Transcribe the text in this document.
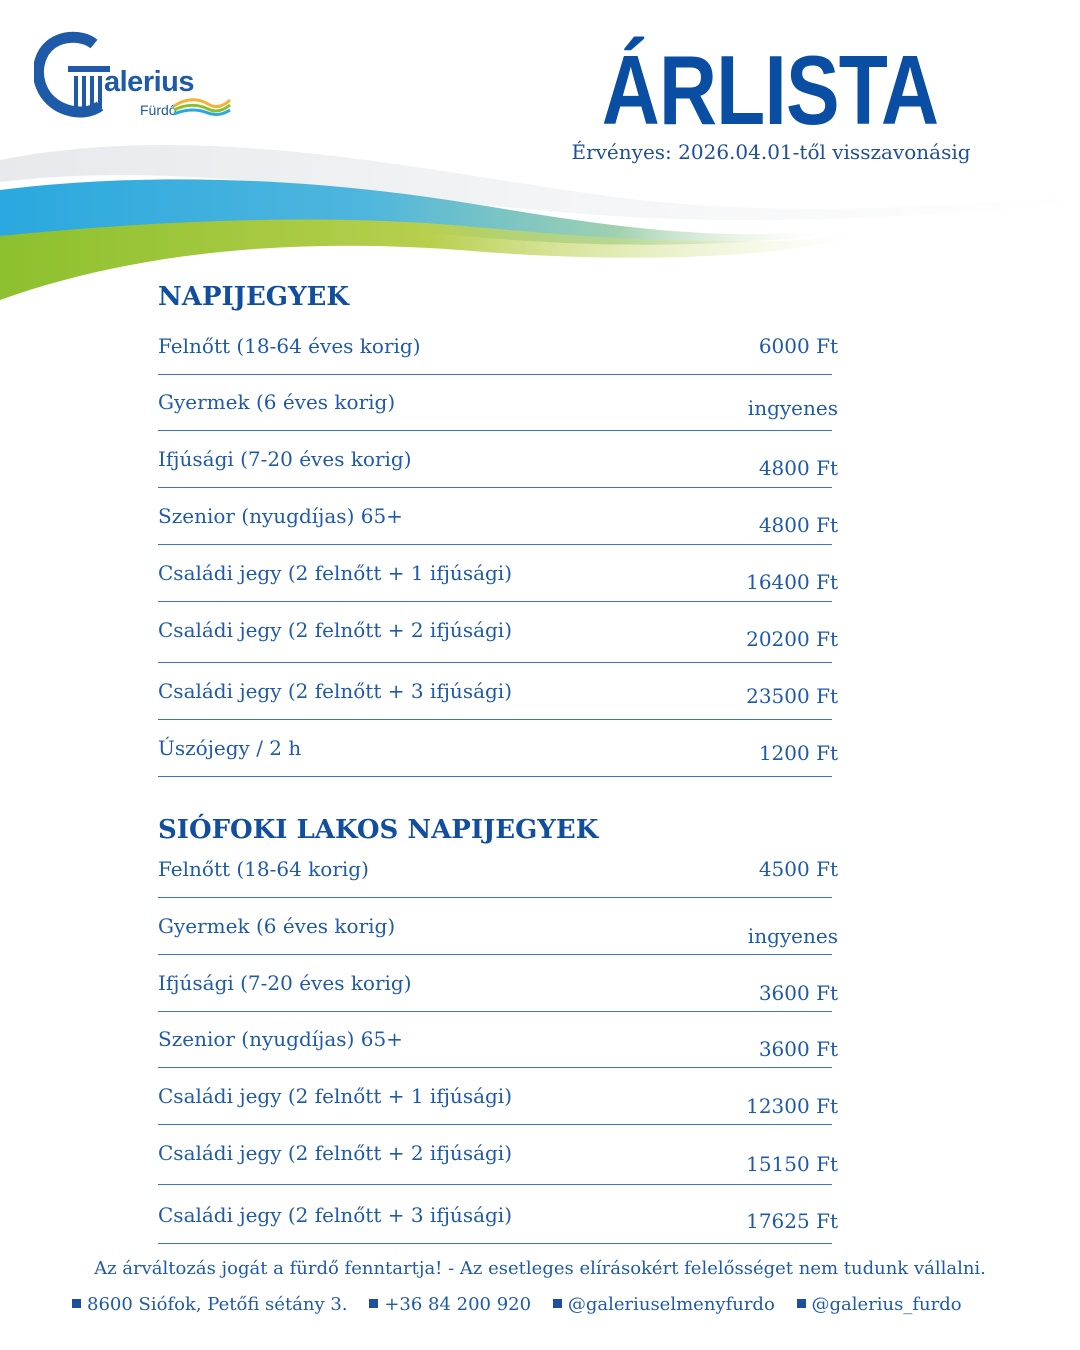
alerius
Fürdő	ÁRLISTA
Érvényes: 2026.04.01-től visszavonásig
NAPIJEGYEK
Felnőtt (18-64 éves korig)	6000 Ft
Gyermek (6 éves korig)	ingyenes
Ifjúsági (7-20 éves korig)	4800 Ft
Szenior (nyugdíjas) 65+	4800 Ft
Családi jegy (2 felnőtt + 1 ifjúsági)	16400 Ft
Családi jegy (2 felnőtt + 2 ifjúsági)	20200 Ft
Családi jegy (2 felnőtt + 3 ifjúsági)	23500 Ft
Úszójegy / 2 h	1200 Ft
SIÓFOKI LAKOS NAPIJEGYEK
Felnőtt (18-64 korig)	4500 Ft
Gyermek (6 éves korig)	ingyenes
Ifjúsági (7-20 éves korig)	3600 Ft
Szenior (nyugdíjas) 65+	3600 Ft
Családi jegy (2 felnőtt + 1 ifjúsági)	12300 Ft
Családi jegy (2 felnőtt + 2 ifjúsági)	15150 Ft
Családi jegy (2 felnőtt + 3 ifjúsági)	17625 Ft
Az árváltozás jogát a fürdő fenntartja! - Az esetleges elírásokért felelősséget nem tudunk vállalni.
8600 Siófok, Petőfi sétány 3. +36 84 200 920 @galeriuselmenyfurdo @galerius_furdo
